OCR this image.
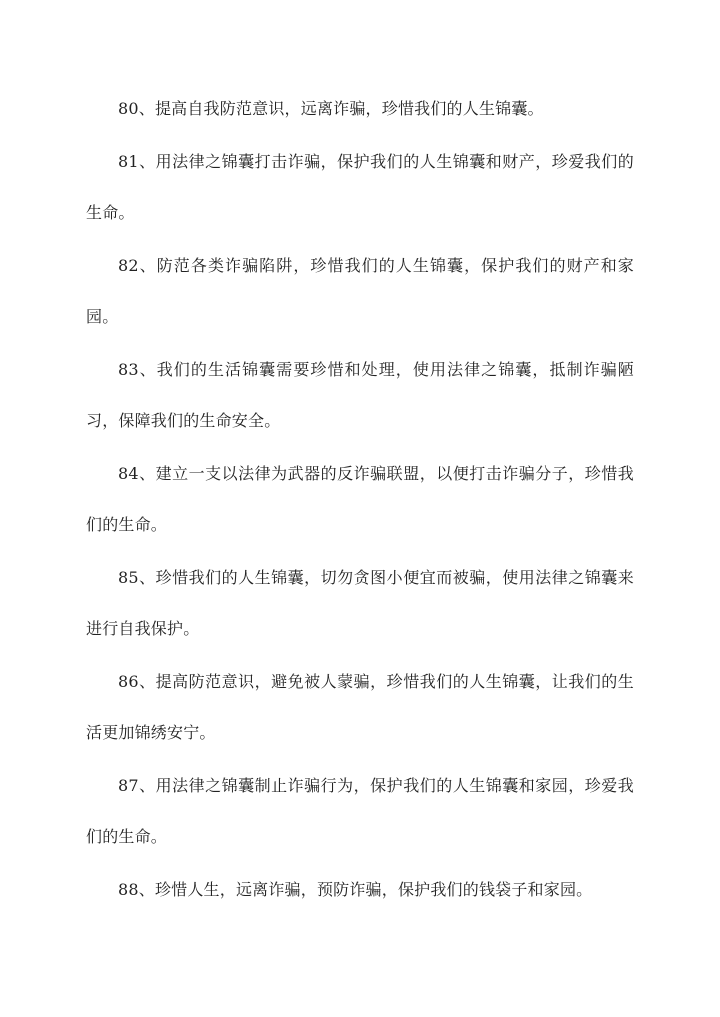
80、提高自我防范意识，远离诈骗，珍惜我们的人生锦囊。

81、用法律之锦囊打击诈骗，保护我们的人生锦囊和财产，珍爱我们的生命。

82、防范各类诈骗陷阱，珍惜我们的人生锦囊，保护我们的财产和家园。

83、我们的生活锦囊需要珍惜和处理，使用法律之锦囊，抵制诈骗陋习，保障我们的生命安全。

84、建立一支以法律为武器的反诈骗联盟，以便打击诈骗分子，珍惜我们的生命。

85、珍惜我们的人生锦囊，切勿贪图小便宜而被骗，使用法律之锦囊来进行自我保护。

86、提高防范意识，避免被人蒙骗，珍惜我们的人生锦囊，让我们的生活更加锦绣安宁。

87、用法律之锦囊制止诈骗行为，保护我们的人生锦囊和家园，珍爱我们的生命。

88、珍惜人生，远离诈骗，预防诈骗，保护我们的钱袋子和家园。
